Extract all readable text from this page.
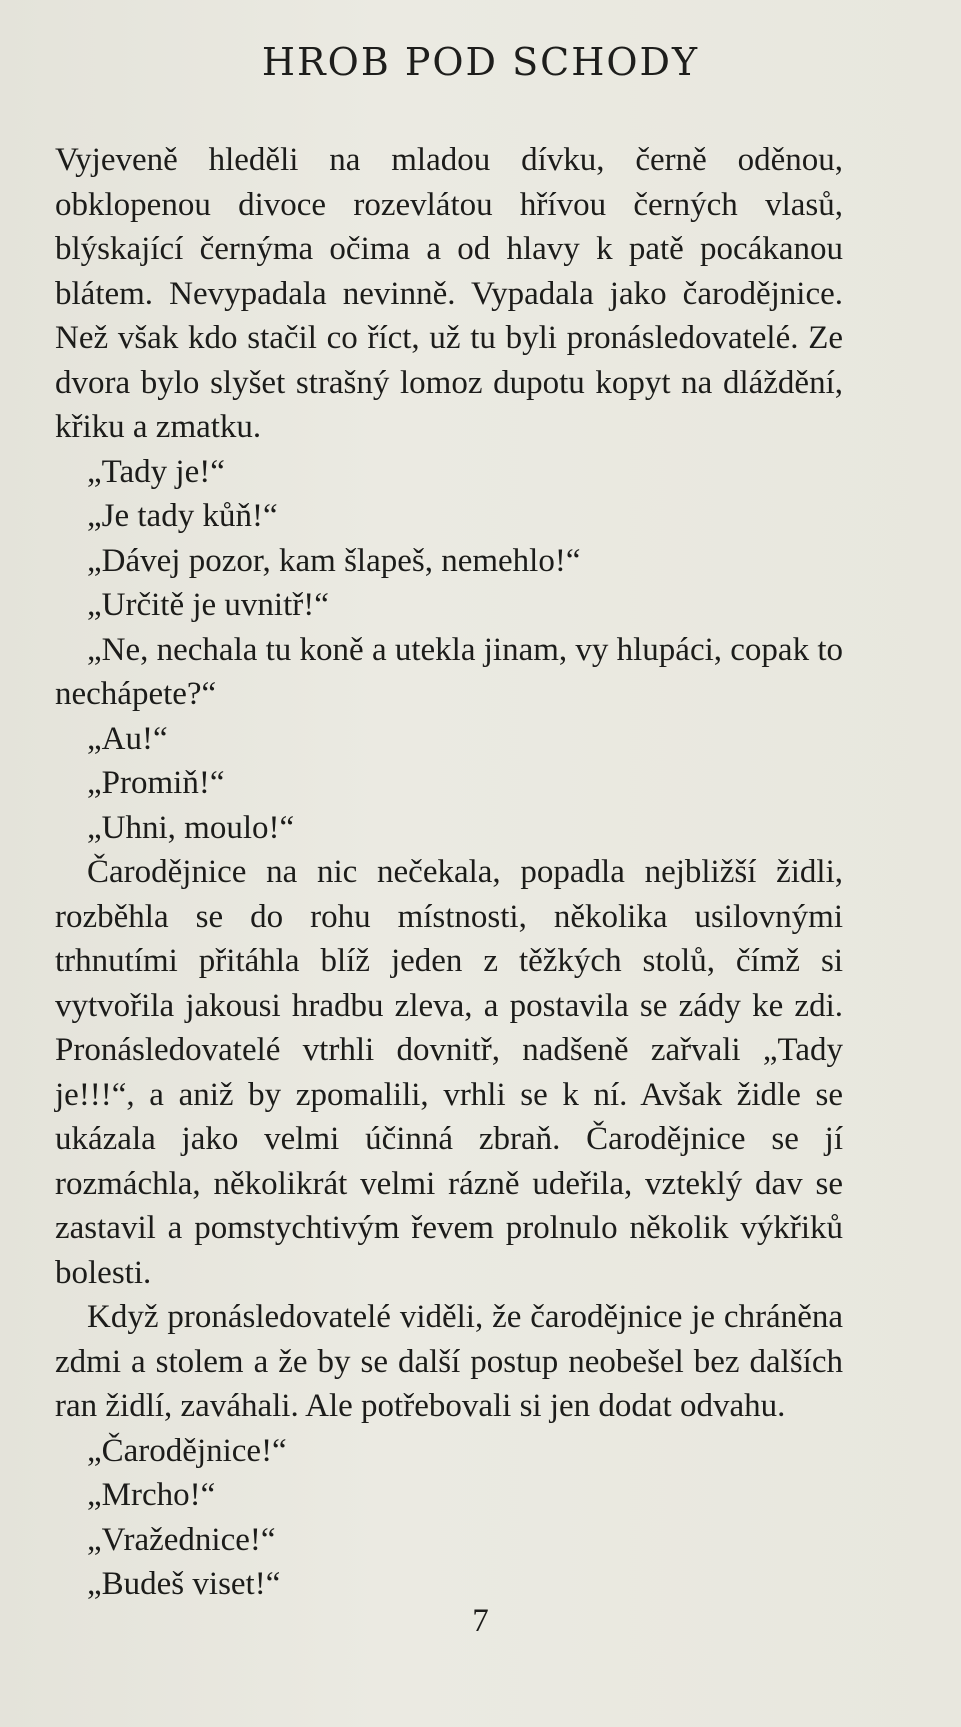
HROB POD SCHODY

Vyjeveně hleděli na mladou dívku, černě oděnou, obklopenou divoce rozevlátou hřívou černých vlasů, blýskající černýma očima a od hlavy k patě pocákanou blátem. Nevypadala nevinně. Vypadala jako čarodějnice. Než však kdo stačil co říct, už tu byli pronásledovatelé. Ze dvora bylo slyšet strašný lomoz dupotu kopyt na dláždění, křiku a zmatku.

„Tady je!“

„Je tady kůň!“

„Dávej pozor, kam šlapeš, nemehlo!“

„Určitě je uvnitř!“

„Ne, nechala tu koně a utekla jinam, vy hlupáci, copak to nechápete?“

„Au!“

„Promiň!“

„Uhni, moulo!“

Čarodějnice na nic nečekala, popadla nejbližší židli, rozběhla se do rohu místnosti, několika usilovnými trhnutími přitáhla blíž jeden z těžkých stolů, čímž si vytvořila jakousi hradbu zleva, a postavila se zády ke zdi. Pronásledovatelé vtrhli dovnitř, nadšeně zařvali „Tady je!!!“, a aniž by zpomalili, vrhli se k ní. Avšak židle se ukázala jako velmi účinná zbraň. Čarodějnice se jí rozmáchla, několikrát velmi rázně udeřila, vzteklý dav se zastavil a pomstychtivým řevem prolnulo několik výkřiků bolesti.

Když pronásledovatelé viděli, že čarodějnice je chráněna zdmi a stolem a že by se další postup neobešel bez dalších ran židlí, zaváhali. Ale potřebovali si jen dodat odvahu.

„Čarodějnice!“

„Mrcho!“

„Vražednice!“

„Budeš viset!“

7
